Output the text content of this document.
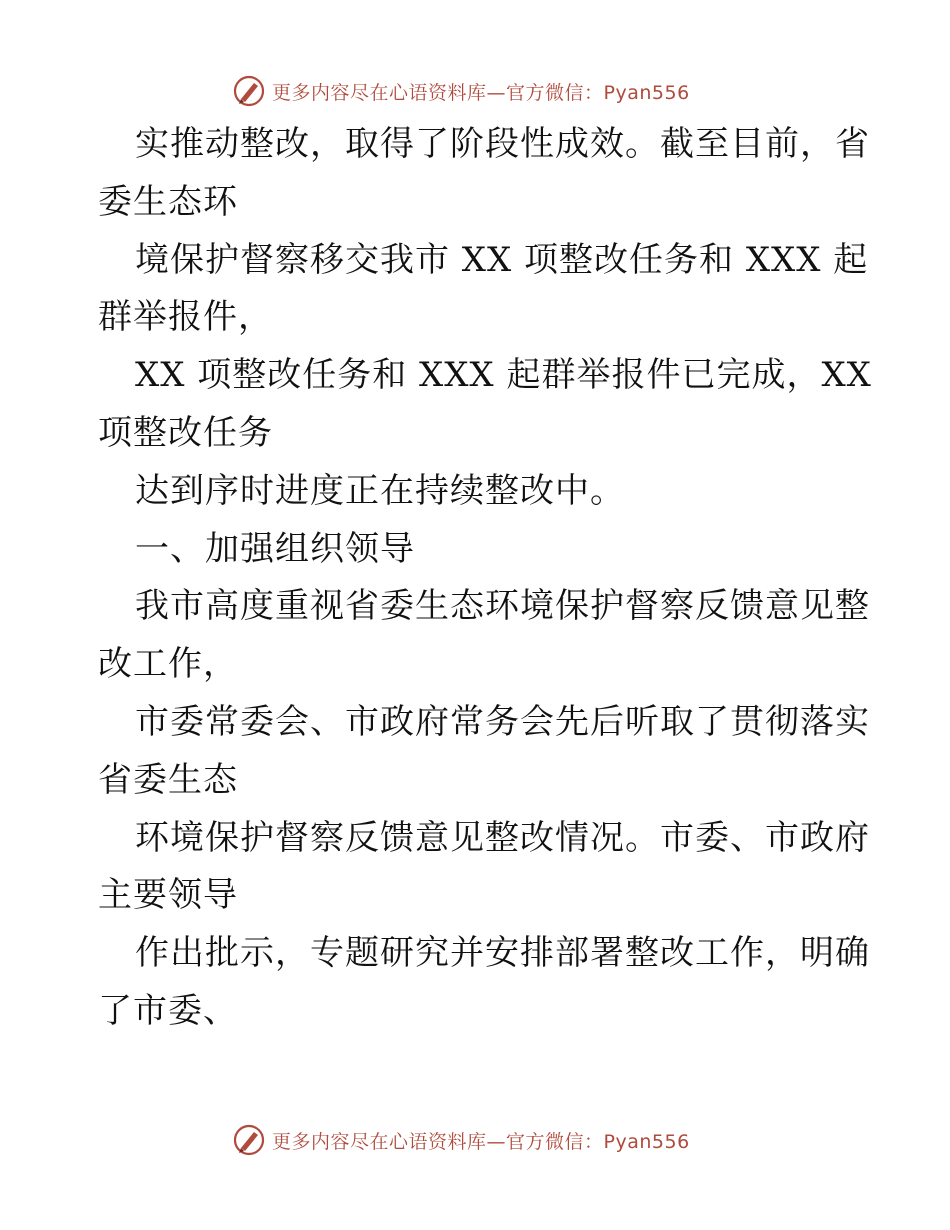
更多内容尽在心语资料库—官方微信：Pyan556
实推动整改，取得了阶段性成效。截至目前，省
委生态环
境保护督察移交我市 XX 项整改任务和 XXX 起
群举报件，
XX 项整改任务和 XXX 起群举报件已完成，XX
项整改任务
达到序时进度正在持续整改中。
一、加强组织领导
我市高度重视省委生态环境保护督察反馈意见整
改工作，
市委常委会、市政府常务会先后听取了贯彻落实
省委生态
环境保护督察反馈意见整改情况。市委、市政府
主要领导
作出批示，专题研究并安排部署整改工作，明确
了市委、
更多内容尽在心语资料库—官方微信：Pyan556
